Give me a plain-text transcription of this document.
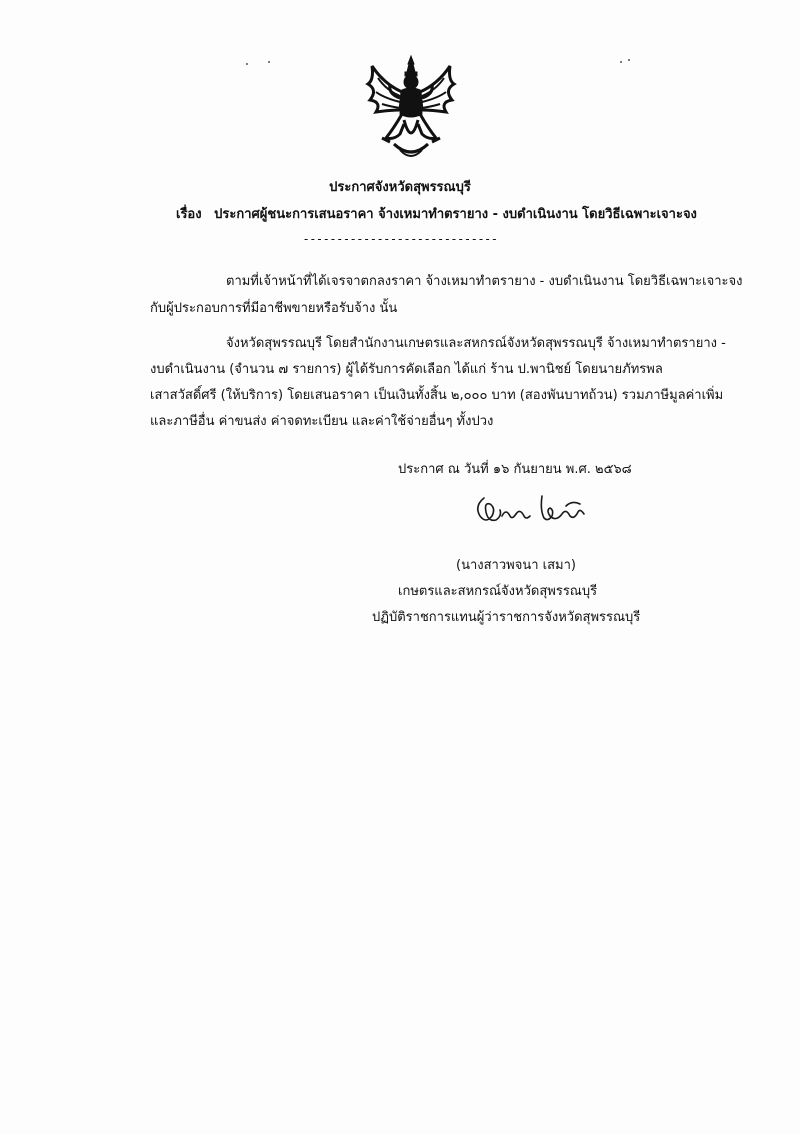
ประกาศจังหวัดสุพรรณบุรี
เรื่อง ประกาศผู้ชนะการเสนอราคา จ้างเหมาทำตรายาง - งบดำเนินงาน โดยวิธีเฉพาะเจาะจง
-----------------------------
ตามที่เจ้าหน้าที่ได้เจรจาตกลงราคา จ้างเหมาทำตรายาง - งบดำเนินงาน โดยวิธีเฉพาะเจาะจง
กับผู้ประกอบการที่มีอาชีพขายหรือรับจ้าง นั้น
จังหวัดสุพรรณบุรี โดยสำนักงานเกษตรและสหกรณ์จังหวัดสุพรรณบุรี จ้างเหมาทำตรายาง -
งบดำเนินงาน (จำนวน ๗ รายการ) ผู้ได้รับการคัดเลือก ได้แก่ ร้าน ป.พานิชย์ โดยนายภัทรพล
เสาสวัสดิ์ศรี (ให้บริการ) โดยเสนอราคา เป็นเงินทั้งสิ้น ๒,๐๐๐ บาท (สองพันบาทถ้วน) รวมภาษีมูลค่าเพิ่ม
และภาษีอื่น ค่าขนส่ง ค่าจดทะเบียน และค่าใช้จ่ายอื่นๆ ทั้งปวง
ประกาศ ณ วันที่ ๑๖ กันยายน พ.ศ. ๒๕๖๘
(นางสาวพจนา เสมา)
เกษตรและสหกรณ์จังหวัดสุพรรณบุรี
ปฏิบัติราชการแทนผู้ว่าราชการจังหวัดสุพรรณบุรี
